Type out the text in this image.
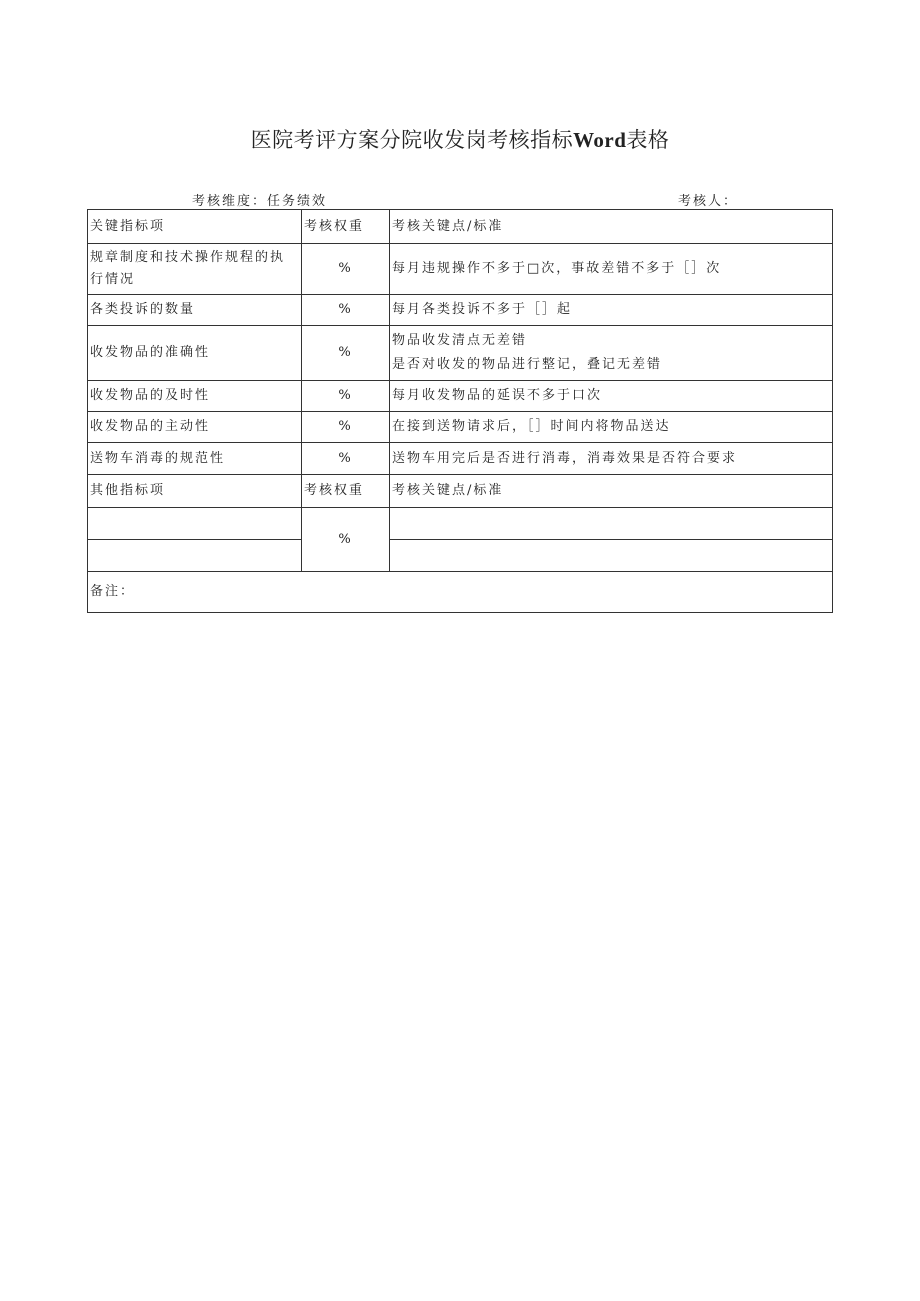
医院考评方案分院收发岗考核指标Word表格
考核维度：任务绩效	考核人：
关键指标项	考核权重	考核关键点/标准
规章制度和技术操作规程的执行情况	%	每月违规操作不多于□次，事故差错不多于［］次
各类投诉的数量	%	每月各类投诉不多于［］起
收发物品的准确性	%	物品收发清点无差错
是否对收发的物品进行整记，叠记无差错

收发物品的及时性	%	每月收发物品的延误不多于口次
收发物品的主动性	%	在接到送物请求后，［］时间内将物品送达
送物车消毒的规范性	%	送物车用完后是否进行消毒，消毒效果是否符合要求
其他指标项	考核权重	考核关键点/标准
	%	

备注：		
